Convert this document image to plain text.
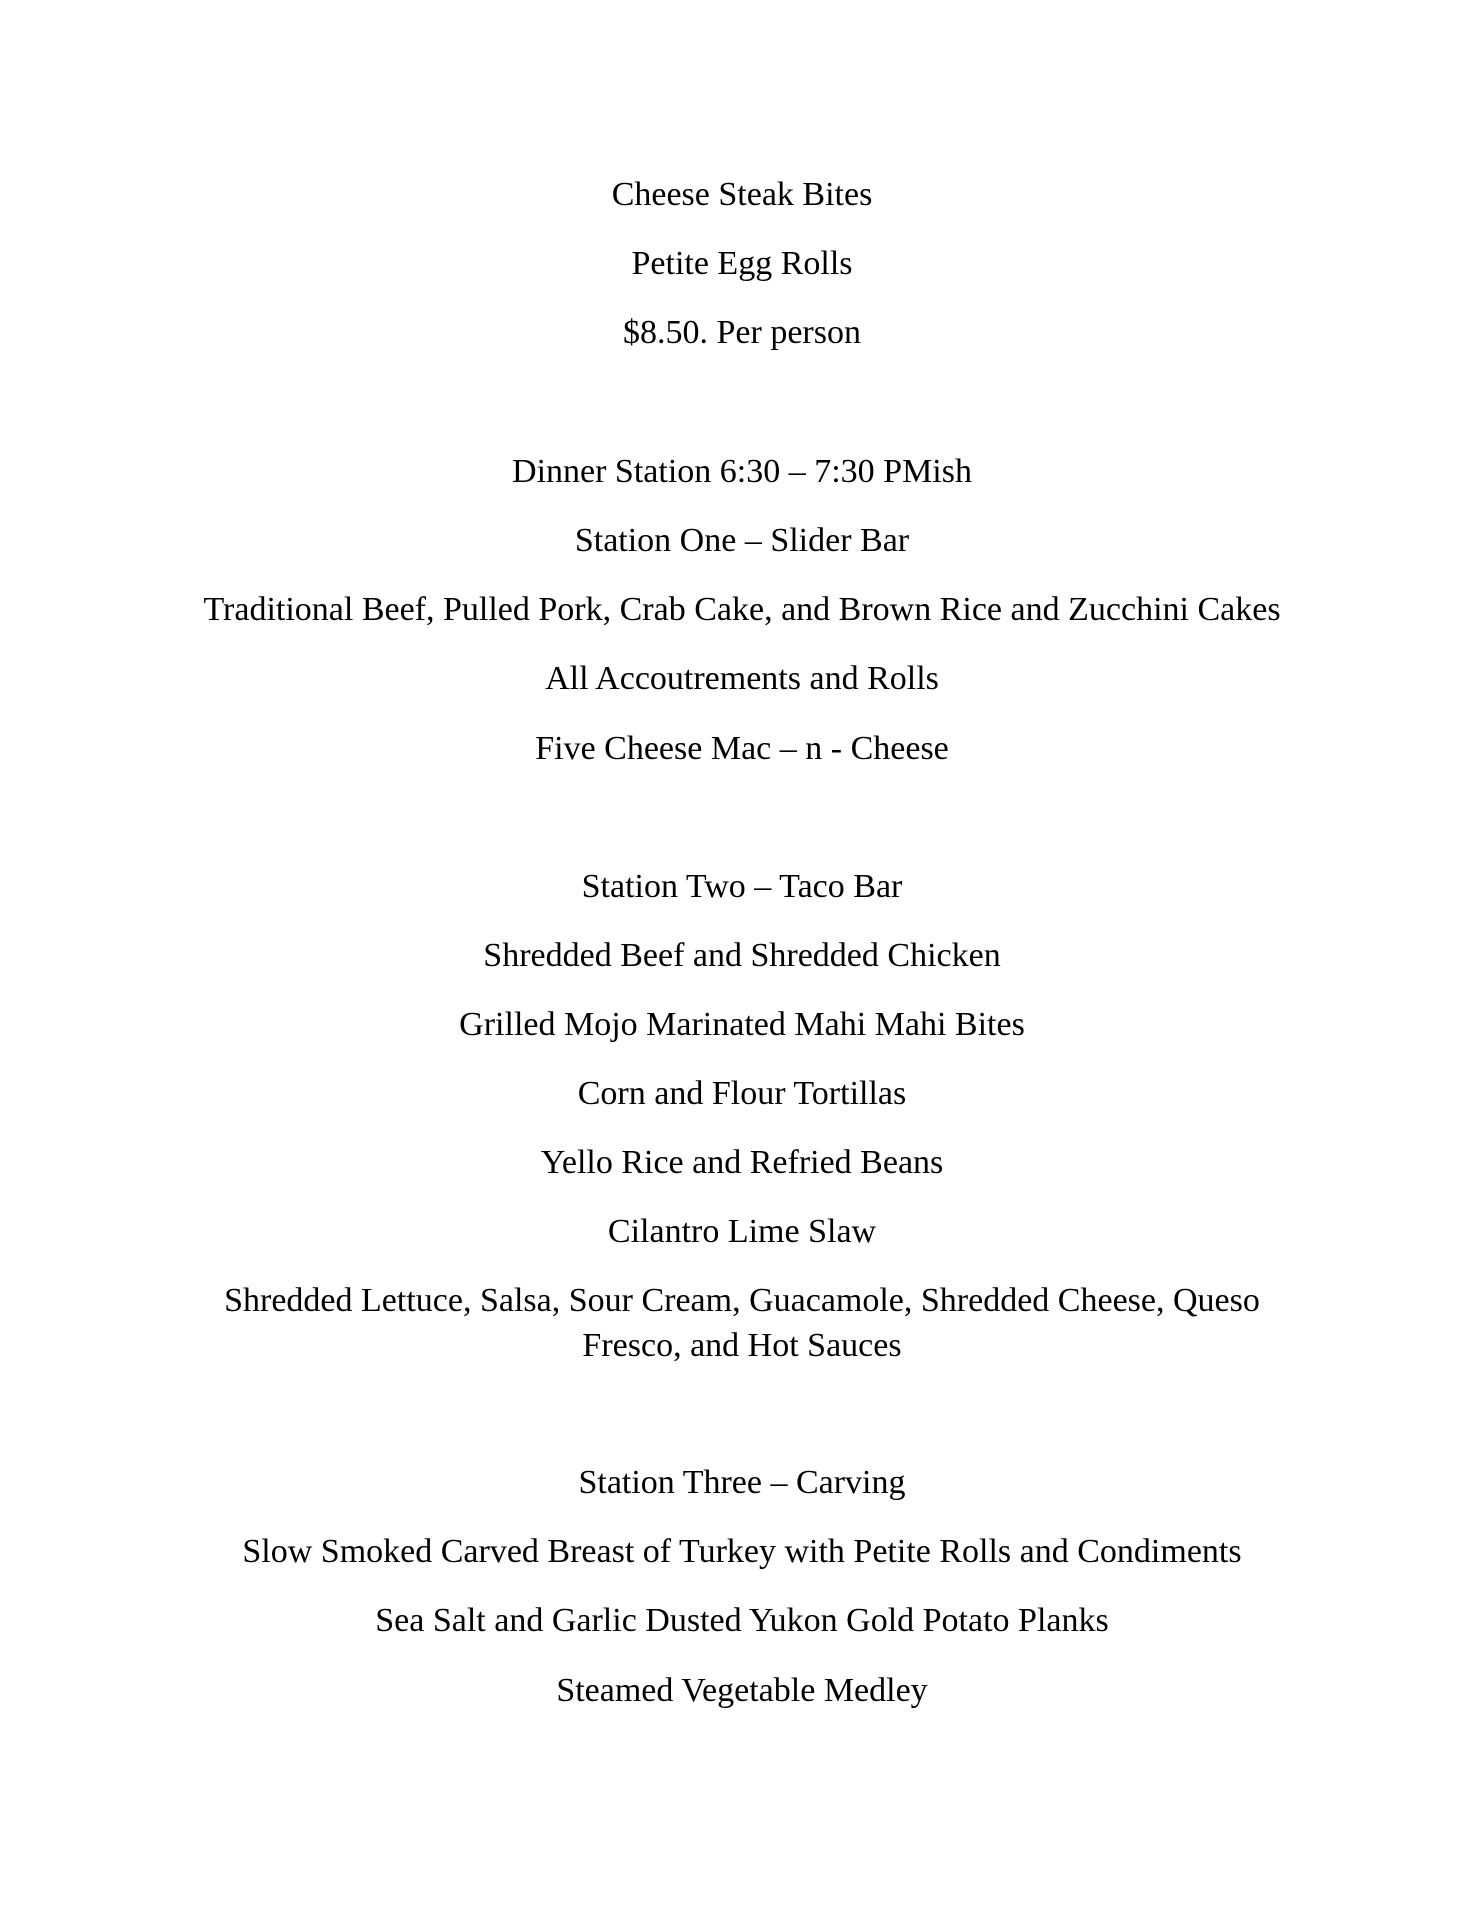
Cheese Steak Bites
Petite Egg Rolls
$8.50. Per person
Dinner Station 6:30 – 7:30 PMish
Station One – Slider Bar
Traditional Beef, Pulled Pork, Crab Cake, and Brown Rice and Zucchini Cakes
All Accoutrements and Rolls
Five Cheese Mac – n - Cheese
Station Two – Taco Bar
Shredded Beef and Shredded Chicken
Grilled Mojo Marinated Mahi Mahi Bites
Corn and Flour Tortillas
Yello Rice and Refried Beans
Cilantro Lime Slaw
Shredded Lettuce, Salsa, Sour Cream, Guacamole, Shredded Cheese, Queso Fresco, and Hot Sauces
Station Three – Carving
Slow Smoked Carved Breast of Turkey with Petite Rolls and Condiments
Sea Salt and Garlic Dusted Yukon Gold Potato Planks
Steamed Vegetable Medley
